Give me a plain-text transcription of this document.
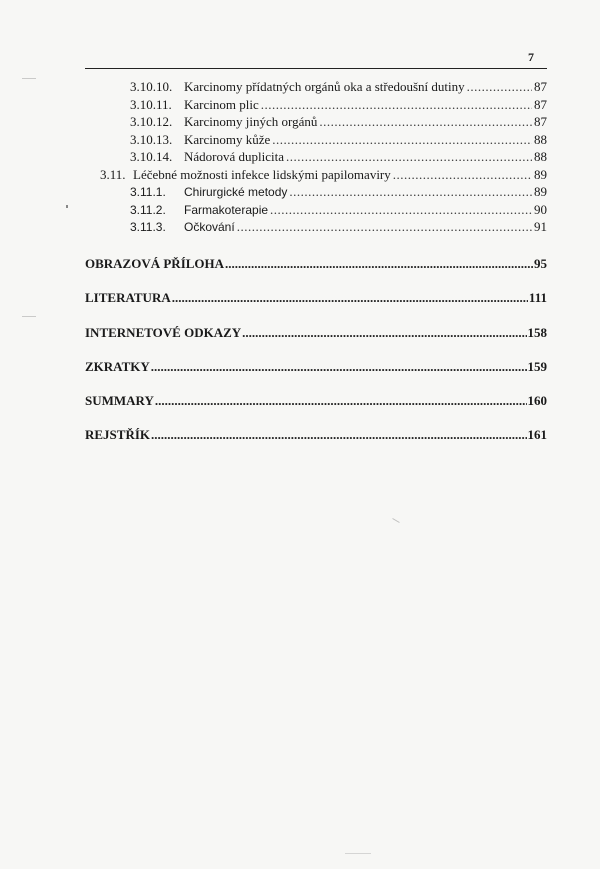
7
3.10.10. Karcinomy přídatných orgánů oka a středoušní dutiny .....	87
3.10.11. Karcinom plic .....	87
3.10.12. Karcinomy jiných orgánů .....	87
3.10.13. Karcinomy kůže .....	88
3.10.14. Nádorová duplicita .....	88
3.11. Léčebné možnosti infekce lidskými papilomaviry .....	89
3.11.1.	Chirurgické metody .....	89
3.11.2.	Farmakoterapie .....	90
3.11.3.	Očkování .....	91
OBRAZOVÁ PŘÍLOHA .....	95
LITERATURA .....	111
INTERNETOVÉ ODKAZY .....	158
ZKRATKY .....	159
SUMMARY .....	160
REJSTŘÍK .....	161
